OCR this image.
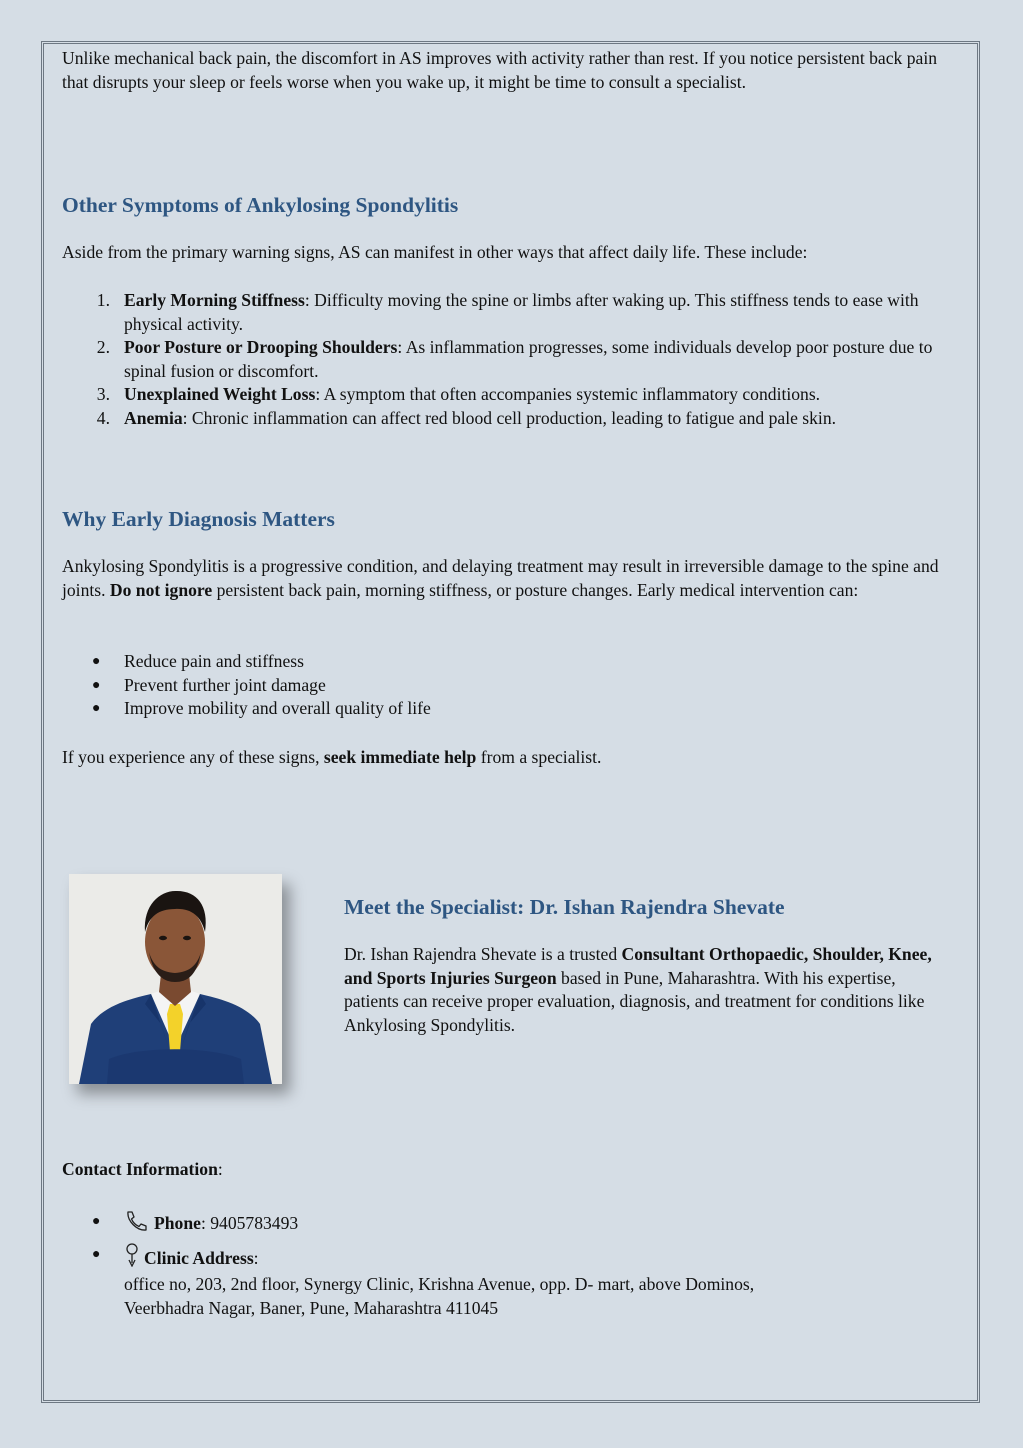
Unlike mechanical back pain, the discomfort in AS improves with activity rather than rest. If you notice persistent back pain that disrupts your sleep or feels worse when you wake up, it might be time to consult a specialist.

Other Symptoms of Ankylosing Spondylitis

Aside from the primary warning signs, AS can manifest in other ways that affect daily life. These include:

1. Early Morning Stiffness: Difficulty moving the spine or limbs after waking up. This stiffness tends to ease with physical activity.
2. Poor Posture or Drooping Shoulders: As inflammation progresses, some individuals develop poor posture due to spinal fusion or discomfort.
3. Unexplained Weight Loss: A symptom that often accompanies systemic inflammatory conditions.
4. Anemia: Chronic inflammation can affect red blood cell production, leading to fatigue and pale skin.
Why Early Diagnosis Matters

Ankylosing Spondylitis is a progressive condition, and delaying treatment may result in irreversible damage to the spine and joints. Do not ignore persistent back pain, morning stiffness, or posture changes. Early medical intervention can:

● Reduce pain and stiffness
● Prevent further joint damage
● Improve mobility and overall quality of life

If you experience any of these signs, seek immediate help from a specialist.

Meet the Specialist: Dr. Ishan Rajendra Shevate

Dr. Ishan Rajendra Shevate is a trusted Consultant Orthopaedic, Shoulder, Knee, and Sports Injuries Surgeon based in Pune, Maharashtra. With his expertise, patients can receive proper evaluation, diagnosis, and treatment for conditions like Ankylosing Spondylitis.

Contact Information:

●	Phone: 9405783493
● Clinic Address:
office no, 203, 2nd floor, Synergy Clinic, Krishna Avenue, opp. D- mart, above Dominos,
Veerbhadra Nagar, Baner, Pune, Maharashtra 411045
